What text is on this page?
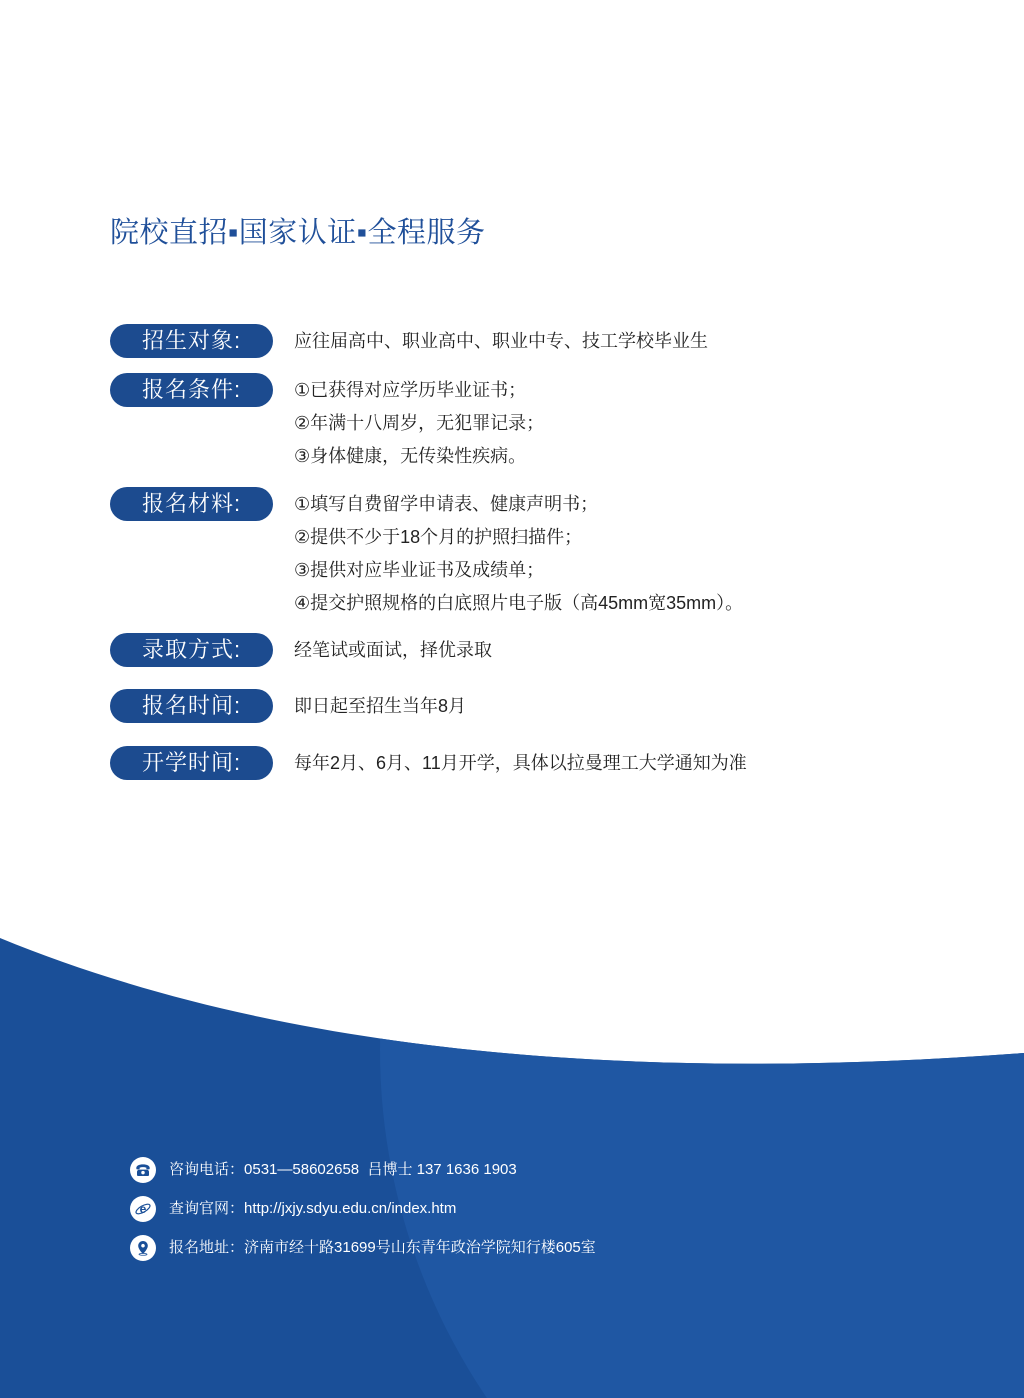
院校直招▪国家认证▪全程服务
招生对象:	应往届高中、职业高中、职业中专、技工学校毕业生
报名条件:	①已获得对应学历毕业证书；
②年满十八周岁，无犯罪记录；
③身体健康，无传染性疾病。
报名材料:	①填写自费留学申请表、健康声明书；
②提供不少于18个月的护照扫描件；
③提供对应毕业证书及成绩单；
④提交护照规格的白底照片电子版（高45mm宽35mm）。
录取方式:	经笔试或面试，择优录取
报名时间:	即日起至招生当年8月
开学时间:	每年2月、6月、11月开学，具体以拉曼理工大学通知为准
咨询电话：0531—58602658  吕博士 137 1636 1903
e 查询官网：http://jxjy.sdyu.edu.cn/index.htm
报名地址：济南市经十路31699号山东青年政治学院知行楼605室
